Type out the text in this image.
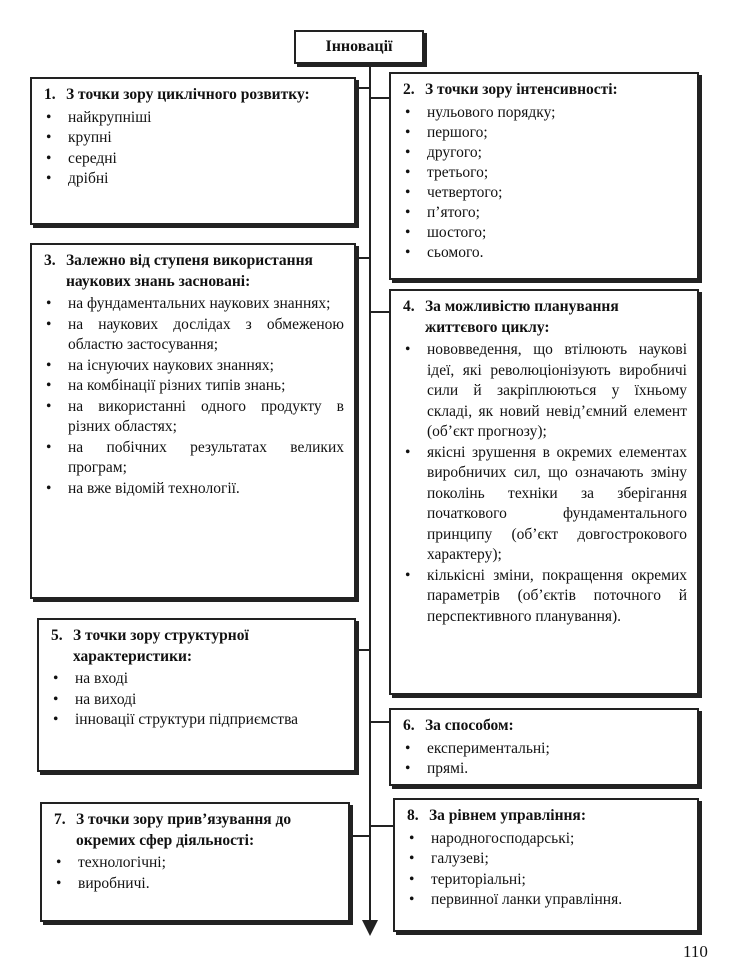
Інновації
1. З точки зору циклічного розвитку:
• найкрупніші
• крупні
• середні
• дрібні
2. З точки зору інтенсивності:
• нульового порядку;
• першого;
• другого;
• третього;
• четвертого;
• п’ятого;
• шостого;
• сьомого.
3. Залежно від ступеня використання наукових знань засновані:
• на фундаментальних наукових знаннях;
• на наукових дослідах з обмеженою областю застосування;
• на існуючих наукових знаннях;
• на комбінації різних типів знань;
• на використанні одного продукту в різних областях;
• на побічних результатах великих програм;
• на вже відомій технології.
4. За можливістю планування життєвого циклу:
• нововведення, що втілюють наукові ідеї, які революціонізують виробничі сили й закріплюються у їхньому складі, як новий невід’ємний елемент (об’єкт прогнозу);
• якісні зрушення в окремих елементах виробничих сил, що означають зміну поколінь техніки за зберігання початкового фундаментального принципу (об’єкт довгострокового характеру);
• кількісні зміни, покращення окремих параметрів (об’єктів поточного й перспективного планування).
5. З точки зору структурної характеристики:
• на вході
• на виході
• інновації структури підприємства	6. За способом:
• експериментальні;
• прямі.
7. З точки зору прив’язування до окремих сфер діяльності:
• технологічні;
• виробничі.
8. За рівнем управління:
• народногосподарські;
• галузеві;
• територіальні;
• первинної ланки управління.
110
